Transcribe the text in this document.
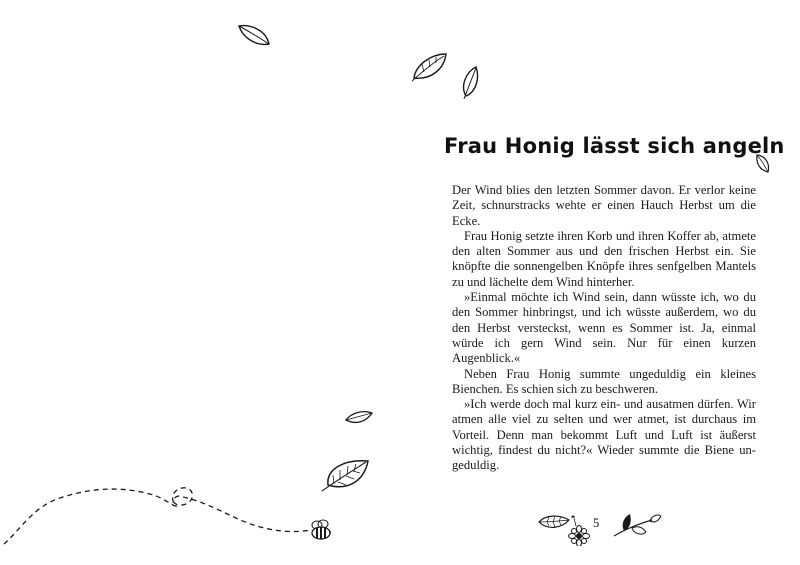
Frau Honig lässt sich angeln

Der Wind blies den letzten Sommer davon. Er verlor keine Zeit, schnurstracks wehte er einen Hauch Herbst um die Ecke.

Frau Honig setzte ihren Korb und ihren Koffer ab, atmete den alten Sommer aus und den frischen Herbst ein. Sie knöpfte die sonnengelben Knöpfe ihres senfgelben Mantels zu und lächelte dem Wind hinterher.

»Einmal möchte ich Wind sein, dann wüsste ich, wo du den Sommer hinbringst, und ich wüsste außerdem, wo du den Herbst versteckst, wenn es Sommer ist. Ja, einmal würde ich gern Wind sein. Nur für einen kurzen Augenblick.«

Neben Frau Honig summte ungeduldig ein kleines Bienchen. Es schien sich zu beschweren.

»Ich werde doch mal kurz ein- und ausatmen dürfen. Wir atmen alle viel zu selten und wer atmet, ist durchaus im Vorteil. Denn man bekommt Luft und Luft ist äußerst wichtig, findest du nicht?« Wieder summte die Biene ungeduldig.

5
